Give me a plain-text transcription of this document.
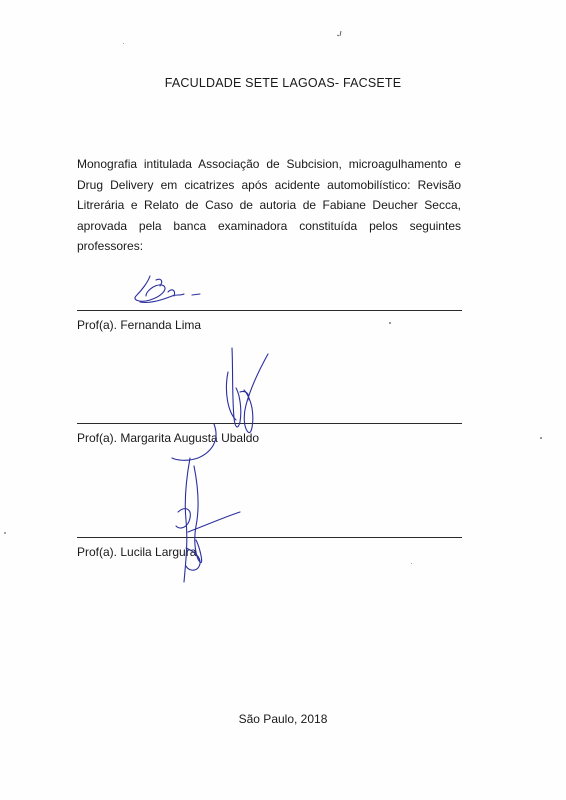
FACULDADE SETE LAGOAS- FACSETE
Monografia intitulada Associação de Subcision, microagulhamento e Drug Delivery em cicatrizes após acidente automobilístico: Revisão Litrerária e Relato de Caso de autoria de Fabiane Deucher Secca, aprovada pela banca examinadora constituída pelos seguintes professores:
Prof(a). Fernanda Lima
Prof(a). Margarita Augusta Ubaldo
Prof(a). Lucila Largura
São Paulo, 2018
